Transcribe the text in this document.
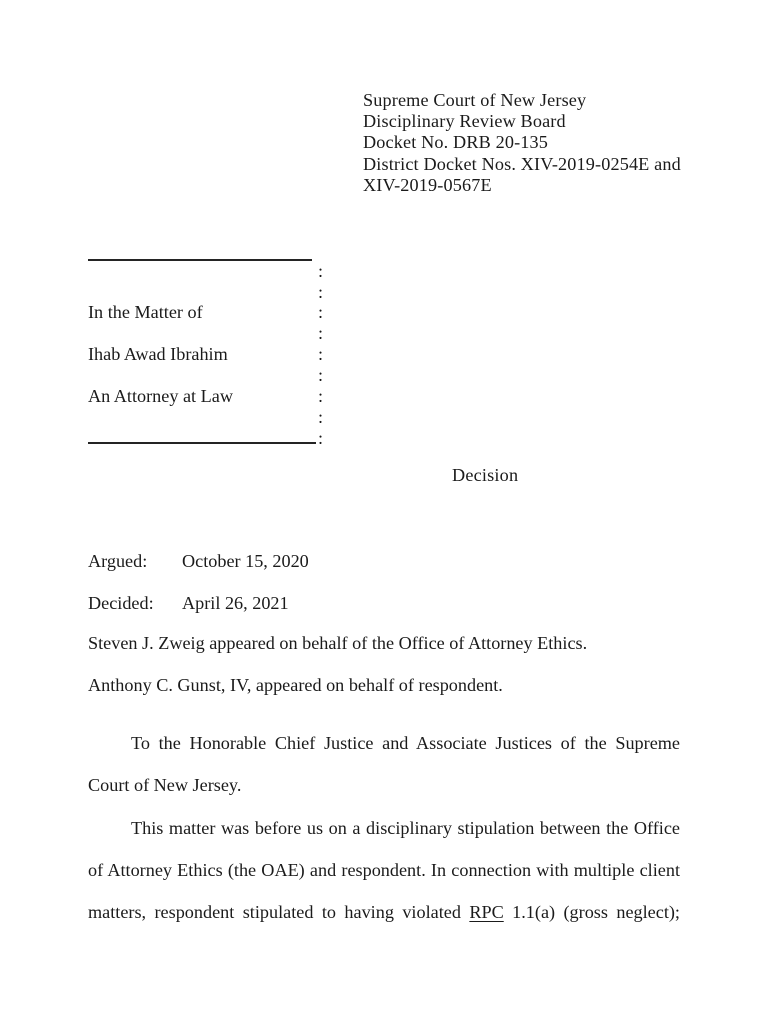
Supreme Court of New Jersey
Disciplinary Review Board
Docket No. DRB 20-135
District Docket Nos. XIV-2019-0254E and
XIV-2019-0567E
:
:
In the Matter of	:
:
Ihab Awad Ibrahim	:
:
An Attorney at Law	:
:
:
Decision
Argued:	October 15, 2020
Decided:	April 26, 2021
Steven J. Zweig appeared on behalf of the Office of Attorney Ethics.
Anthony C. Gunst, IV, appeared on behalf of respondent.

To the Honorable Chief Justice and Associate Justices of the Supreme Court of New Jersey.

This matter was before us on a disciplinary stipulation between the Office of Attorney Ethics (the OAE) and respondent. In connection with multiple client matters, respondent stipulated to having violated RPC 1.1(a) (gross neglect);
